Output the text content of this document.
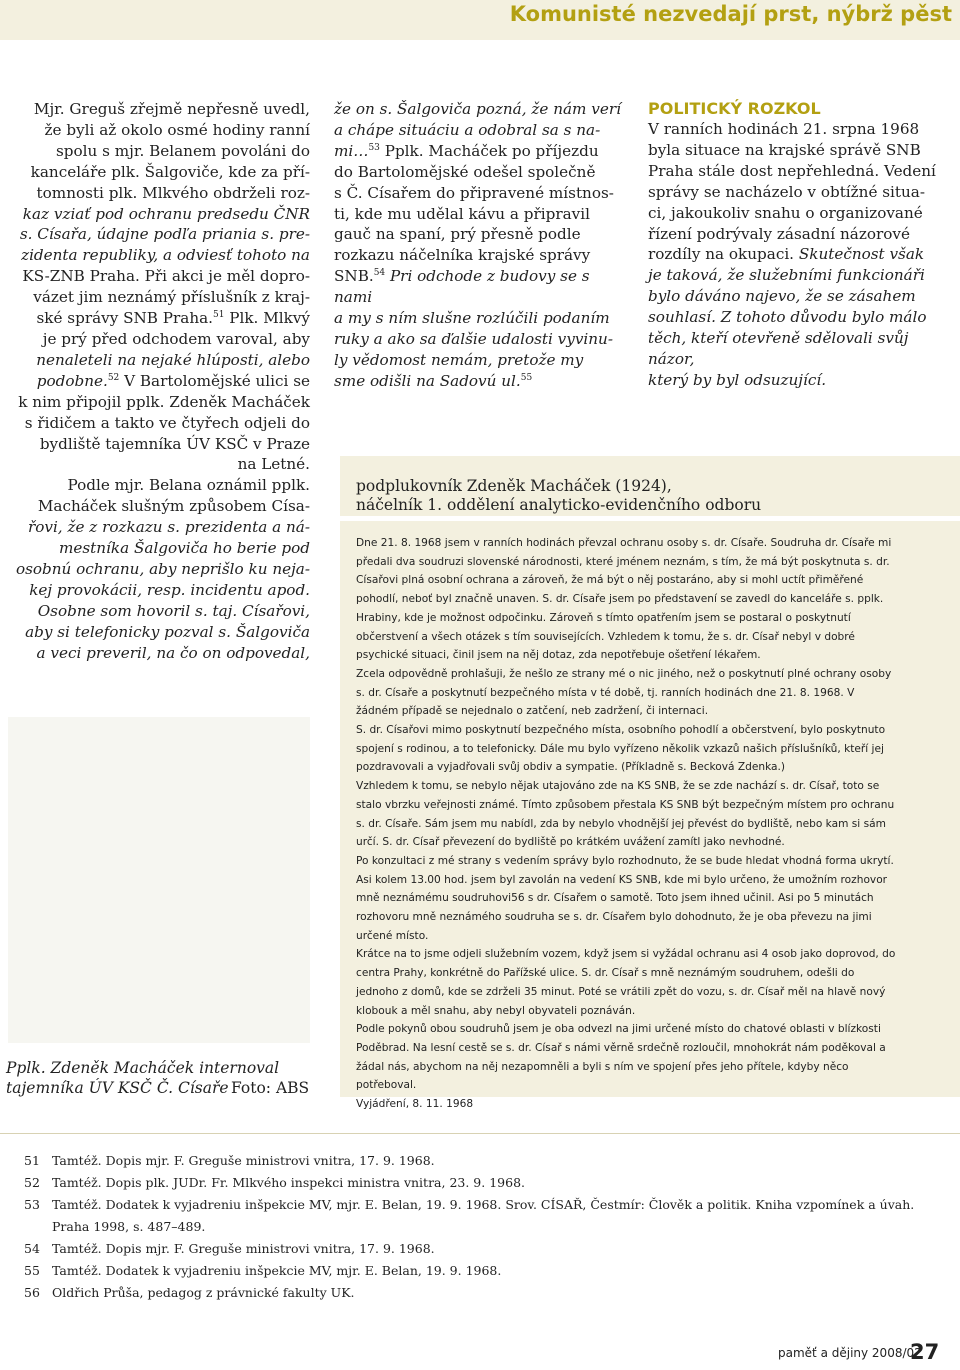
Komunisté nezvedají prst, nýbrž pěst

Mjr. Greguš zřejmě nepřesně uvedl,

že byli až okolo osmé hodiny ranní

spolu s mjr. Belanem povoláni do

kanceláře plk. Šalgoviče, kde za pří-

tomnosti plk. Mlkvého obdrželi roz-

kaz vziať pod ochranu predsedu ČNR

s. Císařa, údajne podľa priania s. pre-

zidenta republiky, a odviesť tohoto na

KS-ZNB Praha. Při akci je měl dopro-

vázet jim neznámý příslušník z kraj-

ské správy SNB Praha.$^{51}$ Plk. Mlkvý

je prý před odchodem varoval, aby

nenaleteli na nejaké hlúposti, alebo

podobne.$^{52}$ V Bartolomějské ulici se

k nim připojil pplk. Zdeněk Macháček

s řidičem a takto ve čtyřech odjeli do

bydliště tajemníka ÚV KSČ v Praze

na Letné.

Podle mjr. Belana oznámil pplk.

Macháček slušným způsobem Císa-

řovi, že z rozkazu s. prezidenta a ná-

mestníka Šalgoviča ho berie pod

osobnú ochranu, aby neprišlo ku neja-

kej provokácii, resp. incidentu apod.

Osobne som hovoril s. taj. Císařovi,

aby si telefonicky pozval s. Šalgoviča

a veci preveril, na čo on odpovedal,

že on s. Šalgoviča pozná, že nám verí

a chápe situáciu a odobral sa s na-

mi…$^{53}$ Pplk. Macháček po příjezdu

do Bartolomějské odešel společně

s Č. Císařem do připravené místnos-

ti, kde mu udělal kávu a připravil

gauč na spaní, prý přesně podle

rozkazu náčelníka krajské správy

SNB.$^{54}$ Pri odchode z budovy se s nami

a my s ním slušne rozlúčili podaním

ruky a ako sa ďalšie udalosti vyvinu-

ly vědomost nemám, pretože my

sme odišli na Sadovú ul.$^{55}$

POLITICKÝ ROZKOL

V ranních hodinách 21. srpna 1968

byla situace na krajské správě SNB

Praha stále dost nepřehledná. Vedení

správy se nacházelo v obtížné situa-

ci, jakoukoliv snahu o organizované

řízení podrývaly zásadní názorové

rozdíly na okupaci. Skutečnost však

je taková, že služebními funkcionáři

bylo dáváno najevo, že se zásahem

souhlasí. Z tohoto důvodu bylo málo

těch, kteří otevřeně sdělovali svůj názor,

který by byl odsuzující.

Pplk. Zdeněk Macháček internoval
tajemníka ÚV KSČ Č. Císaře Foto: ABS
podplukovník Zdeněk Macháček (1924),
náčelník 1. oddělení analyticko-evidenčního odboru

Dne 21. 8. 1968 jsem v ranních hodinách převzal ochranu osoby s. dr. Císaře. Soudruha dr. Císaře mi předali dva soudruzi slovenské národnosti, které jménem neznám, s tím, že má být poskytnuta s. dr. Císařovi plná osobní ochrana a zároveň, že má být o něj postaráno, aby si mohl uctít přiměřené pohodlí, neboť byl značně unaven. S. dr. Císaře jsem po představení se zavedl do kanceláře s. pplk. Hrabiny, kde je možnost odpočinku. Zároveň s tímto opatřením jsem se postaral o poskytnutí občerstvení a všech otázek s tím souvisejících. Vzhledem k tomu, že s. dr. Císař nebyl v dobré psychické situaci, činil jsem na něj dotaz, zda nepotřebuje ošetření lékařem.

Zcela odpovědně prohlašuji, že nešlo ze strany mé o nic jiného, než o poskytnutí plné ochrany osoby s. dr. Císaře a poskytnutí bezpečného místa v té době, tj. ranních hodinách dne 21. 8. 1968. V žádném případě se nejednalo o zatčení, neb zadržení, či internaci.

S. dr. Císařovi mimo poskytnutí bezpečného místa, osobního pohodlí a občerstvení, bylo poskytnuto spojení s rodinou, a to telefonicky. Dále mu bylo vyřízeno několik vzkazů našich příslušníků, kteří jej pozdravovali a vyjadřovali svůj obdiv a sympatie. (Příkladně s. Becková Zdenka.)

Vzhledem k tomu, se nebylo nějak utajováno zde na KS SNB, že se zde nachází s. dr. Císař, toto se stalo vbrzku veřejnosti známé. Tímto způsobem přestala KS SNB být bezpečným místem pro ochranu s. dr. Císaře. Sám jsem mu nabídl, zda by nebylo vhodnější jej převést do bydliště, nebo kam si sám určí. S. dr. Císař převezení do bydliště po krátkém uvážení zamítl jako nevhodné.

Po konzultaci z mé strany s vedením správy bylo rozhodnuto, že se bude hledat vhodná forma ukrytí. Asi kolem 13.00 hod. jsem byl zavolán na vedení KS SNB, kde mi bylo určeno, že umožním rozhovor mně neznámému soudruhovi56 s dr. Císařem o samotě. Toto jsem ihned učinil. Asi po 5 minutách rozhovoru mně neznámého soudruha se s. dr. Císařem bylo dohodnuto, že je oba převezu na jimi určené místo.

Krátce na to jsme odjeli služebním vozem, když jsem si vyžádal ochranu asi 4 osob jako doprovod, do centra Prahy, konkrétně do Pařížské ulice. S. dr. Císař s mně neznámým soudruhem, odešli do jednoho z domů, kde se zdrželi 35 minut. Poté se vrátili zpět do vozu, s. dr. Císař měl na hlavě nový klobouk a měl snahu, aby nebyl obyvateli poznáván.

Podle pokynů obou soudruhů jsem je oba odvezl na jimi určené místo do chatové oblasti v blízkosti Poděbrad. Na lesní cestě se s. dr. Císař s námi věrně srdečně rozloučil, mnohokrát nám poděkoval a žádal nás, abychom na něj nezapomněli a byli s ním ve spojení přes jeho přítele, kdyby něco potřeboval.

Vyjádření, 8. 11. 1968

51 Tamtéž. Dopis mjr. F. Greguše ministrovi vnitra, 17. 9. 1968.
52 Tamtéž. Dopis plk. JUDr. Fr. Mlkvého inspekci ministra vnitra, 23. 9. 1968.
53 Tamtéž. Dodatek k vyjadreniu inšpekcie MV, mjr. E. Belan, 19. 9. 1968. Srov. CÍSAŘ, Čestmír: Člověk a politik. Kniha vzpomínek a úvah. Praha 1998, s. 487–489.
54 Tamtéž. Dopis mjr. F. Greguše ministrovi vnitra, 17. 9. 1968.
55 Tamtéž. Dodatek k vyjadreniu inšpekcie MV, mjr. E. Belan, 19. 9. 1968.
56 Oldřich Průša, pedagog z právnické fakulty UK.
paměť a dějiny 2008/02
27
